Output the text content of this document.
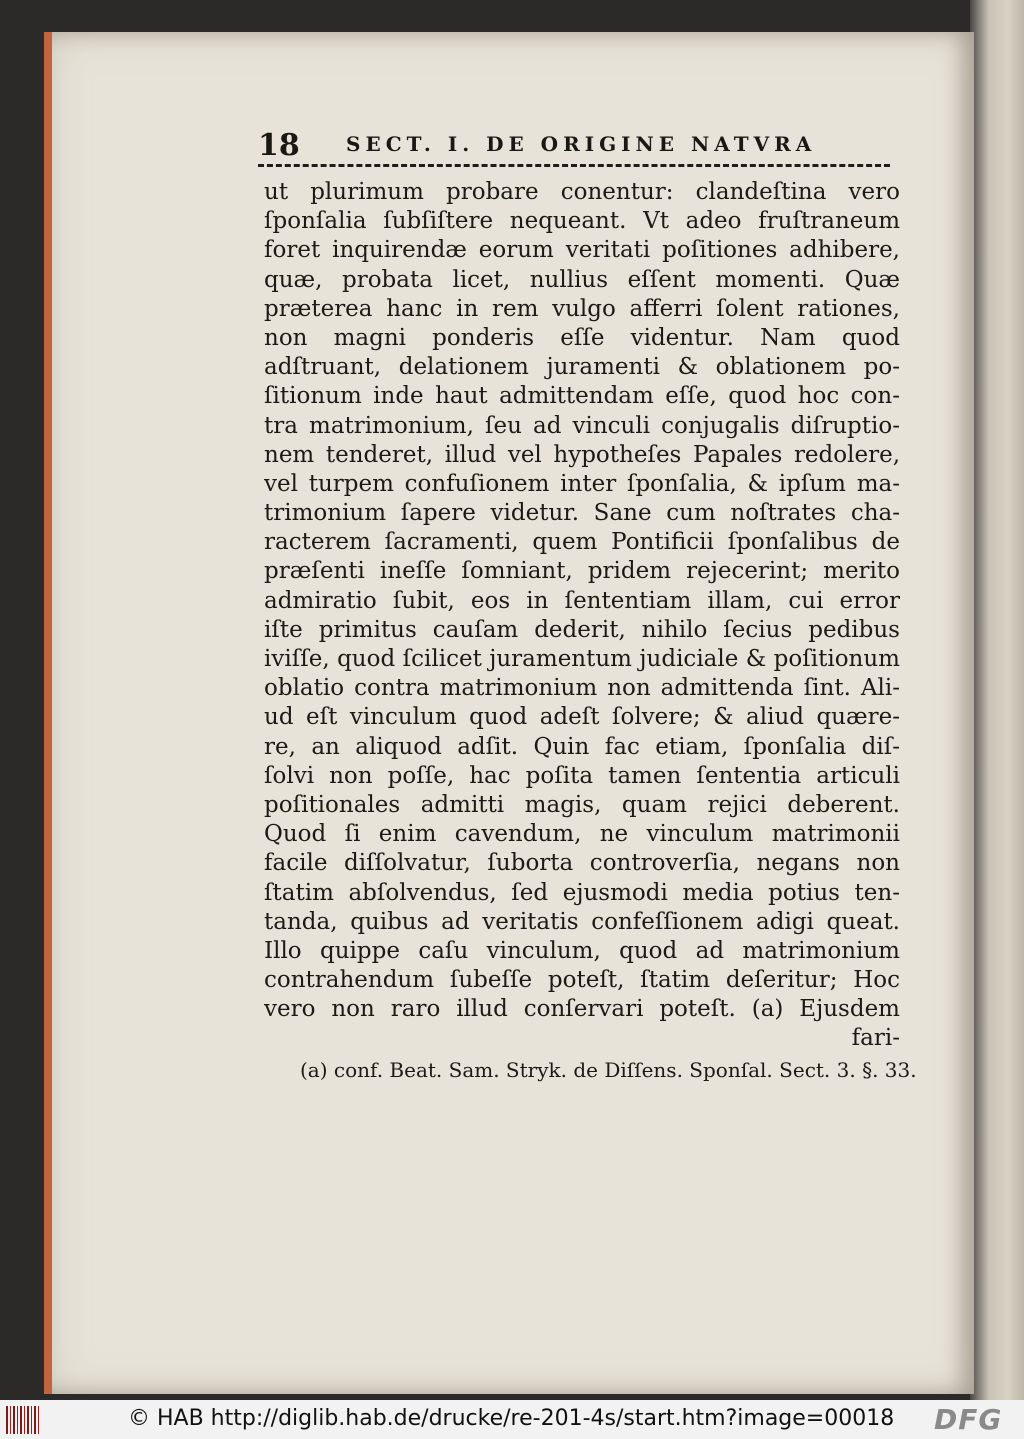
18 SECT. I. DE ORIGINE NATVRA
ut plurimum probare conentur: clandeſtina vero
ſponſalia ſubſiſtere nequeant. Vt adeo fruſtraneum
foret inquirendæ eorum veritati poſitiones adhibere,
quæ, probata licet, nullius eſſent momenti. Quæ
præterea hanc in rem vulgo afferri ſolent rationes,
non magni ponderis eſſe videntur. Nam quod
adſtruant, delationem juramenti & oblationem po-
ſitionum inde haut admittendam eſſe, quod hoc con-
tra matrimonium, ſeu ad vinculi conjugalis diſruptio-
nem tenderet, illud vel hypotheſes Papales redolere,
vel turpem confuſionem inter ſponſalia, & ipſum ma-
trimonium ſapere videtur. Sane cum noſtrates cha-
racterem ſacramenti, quem Pontificii ſponſalibus de
præſenti ineſſe ſomniant, pridem rejecerint; merito
admiratio ſubit, eos in ſententiam illam, cui error
iſte primitus cauſam dederit, nihilo ſecius pedibus
iviſſe, quod ſcilicet juramentum judiciale & poſitionum
oblatio contra matrimonium non admittenda ſint. Ali-
ud eſt vinculum quod adeſt ſolvere; & aliud quære-
re, an aliquod adſit. Quin fac etiam, ſponſalia diſ-
ſolvi non poſſe, hac poſita tamen ſententia articuli
poſitionales admitti magis, quam rejici deberent.
Quod ſi enim cavendum, ne vinculum matrimonii
facile diſſolvatur, ſuborta controverſia, negans non
ſtatim abſolvendus, ſed ejusmodi media potius ten-
tanda, quibus ad veritatis confeſſionem adigi queat.
Illo quippe caſu vinculum, quod ad matrimonium
contrahendum ſubeſſe poteſt, ſtatim deſeritur; Hoc
vero non raro illud conſervari poteſt. (a) Ejusdem
fari-
(a) conf. Beat. Sam. Stryk. de Diſſens. Sponſal. Sect. 3. §. 33.
© HAB http://diglib.hab.de/drucke/re-201-4s/start.htm?image=00018 DFG
